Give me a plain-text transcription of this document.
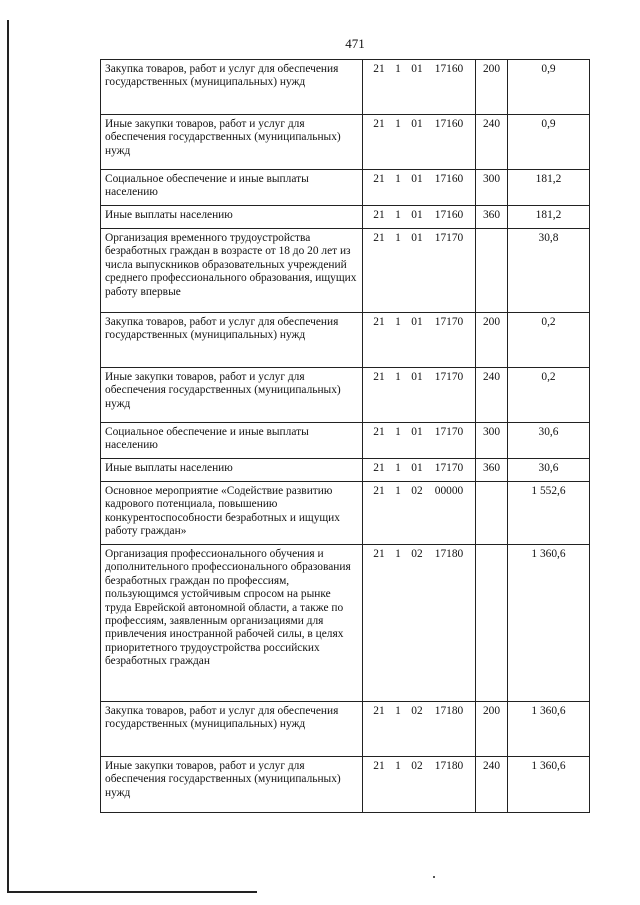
471
Закупка товаров, работ и услуг для обеспечения государственных (муниципальных) нужд	21 1 01 17160	200	0,9
Иные закупки товаров, работ и услуг для обеспечения государственных (муниципальных) нужд	21 1 01 17160	240	0,9
Социальное обеспечение и иные выплаты населению	21 1 01 17160	300	181,2
Иные выплаты населению	21 1 01 17160	360	181,2
Организация временного трудоустройства безработных граждан в возрасте от 18 до 20 лет из числа выпускников образовательных учреждений среднего профессионального образования, ищущих работу впервые	21 1 01 17170		30,8
Закупка товаров, работ и услуг для обеспечения государственных (муниципальных) нужд	21 1 01 17170	200	0,2
Иные закупки товаров, работ и услуг для обеспечения государственных (муниципальных) нужд	21 1 01 17170	240	0,2
Социальное обеспечение и иные выплаты населению	21 1 01 17170	300	30,6
Иные выплаты населению	21 1 01 17170	360	30,6
Основное мероприятие «Содействие развитию кадрового потенциала, повышению конкурентоспособности безработных и ищущих работу граждан»	21 1 02 00000		1 552,6
Организация профессионального обучения и дополнительного профессионального образования безработных граждан по профессиям, пользующимся устойчивым спросом на рынке труда Еврейской автономной области, а также по профессиям, заявленным организациями для привлечения иностранной рабочей силы, в целях приоритетного трудоустройства российских безработных граждан	21 1 02 17180		1 360,6
Закупка товаров, работ и услуг для обеспечения государственных (муниципальных) нужд	21 1 02 17180	200	1 360,6
Иные закупки товаров, работ и услуг для обеспечения государственных (муниципальных) нужд	21 1 02 17180	240	1 360,6
